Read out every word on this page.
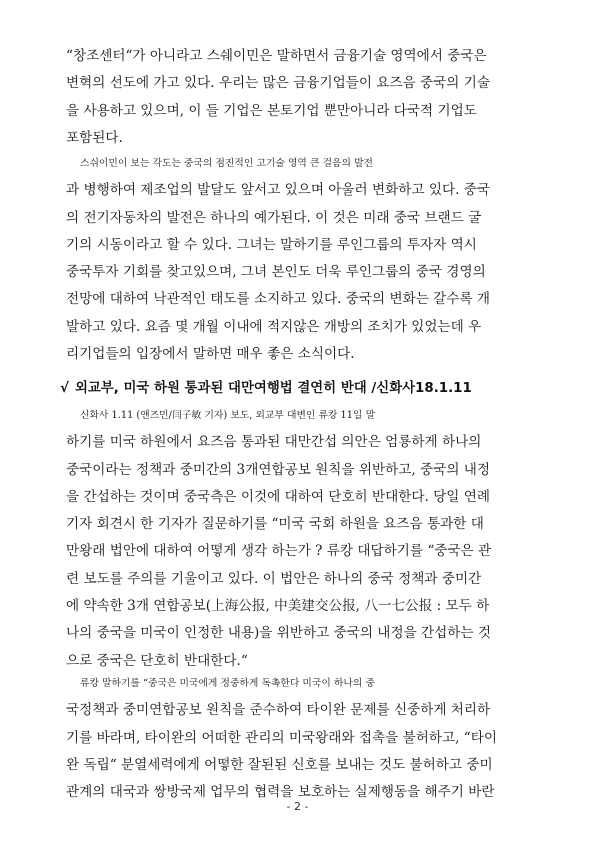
“창조센터“가 아니라고 스쉐이민은 말하면서 금융기술 영역에서 중국은
변혁의 선도에 가고 있다. 우리는 많은 금융기업들이 요즈음 중국의 기술
을 사용하고 있으며, 이 들 기업은 본토기업 뿐만아니라 다국적 기업도
포함된다.
스쉬이민이 보는 각도는 중국의 점진적인 고기술 영역 큰 걸음의 발전
과 병행하여 제조업의 발달도 앞서고 있으며 아울러 변화하고 있다. 중국
의 전기자동차의 발전은 하나의 예가된다. 이 것은 미래 중국 브랜드 굴
기의 시동이라고 할 수 있다. 그녀는 말하기를 루인그룹의 투자자 역시
중국투자 기회를 찾고있으며, 그녀 본인도 더욱 루인그룹의 중국 경영의
전망에 대하여 낙관적인 태도를 소지하고 있다. 중국의 변화는 갈수록 개
발하고 있다. 요즘 몇 개월 이내에 적지않은 개방의 조치가 있었는데 우
리기업들의 입장에서 말하면 매우 좋은 소식이다.
√ 외교부, 미국 하원 통과된 대만여행법 결연히 반대 /신화사18.1.11
신화사 1.11 (앤즈민/闫子敏 기자) 보도, 외교부 대변인 류캉 11일 말
하기를 미국 하원에서 요즈음 통과된 대만간섭 의안은 엄룡하게 하나의
중국이라는 정책과 중미간의 3개연합공보 원칙을 위반하고, 중국의 내정
을 간섭하는 것이며 중국측은 이것에 대하여 단호히 반대한다. 당일 연례
기자 회견시 한 기자가 질문하기를 “미국 국회 하원을 요즈음 통과한 대
만왕래 법안에 대하여 어떻게 생각 하는가 ? 류캉 대답하기를 “중국은 관
련 보도를 주의를 기울이고 있다. 이 법안은 하나의 중국 정책과 중미간
에 약속한 3개 연합공보(上海公报, 中美建交公报, 八一七公报 : 모두 하
나의 중국을 미국이 인정한 내용)을 위반하고 중국의 내정을 간섭하는 것
으로 중국은 단호히 반대한다.“
류캉 말하기를 “중국은 미국에게 정중하게 독촉한다 미국이 하나의 중
국정책과 중미연합공보 원칙을 준수하여 타이완 문제를 신중하게 처리하
기를 바라며, 타이완의 어떠한 관리의 미국왕래와 접촉을 불허하고, “타이
완 독립“ 분열세력에게 어떻한 잘된된 신호를 보내는 것도 불허하고 중미
관계의 대국과 쌍방국제 업무의 협력을 보호하는 실제행동을 해주기 바란
- 2 -
